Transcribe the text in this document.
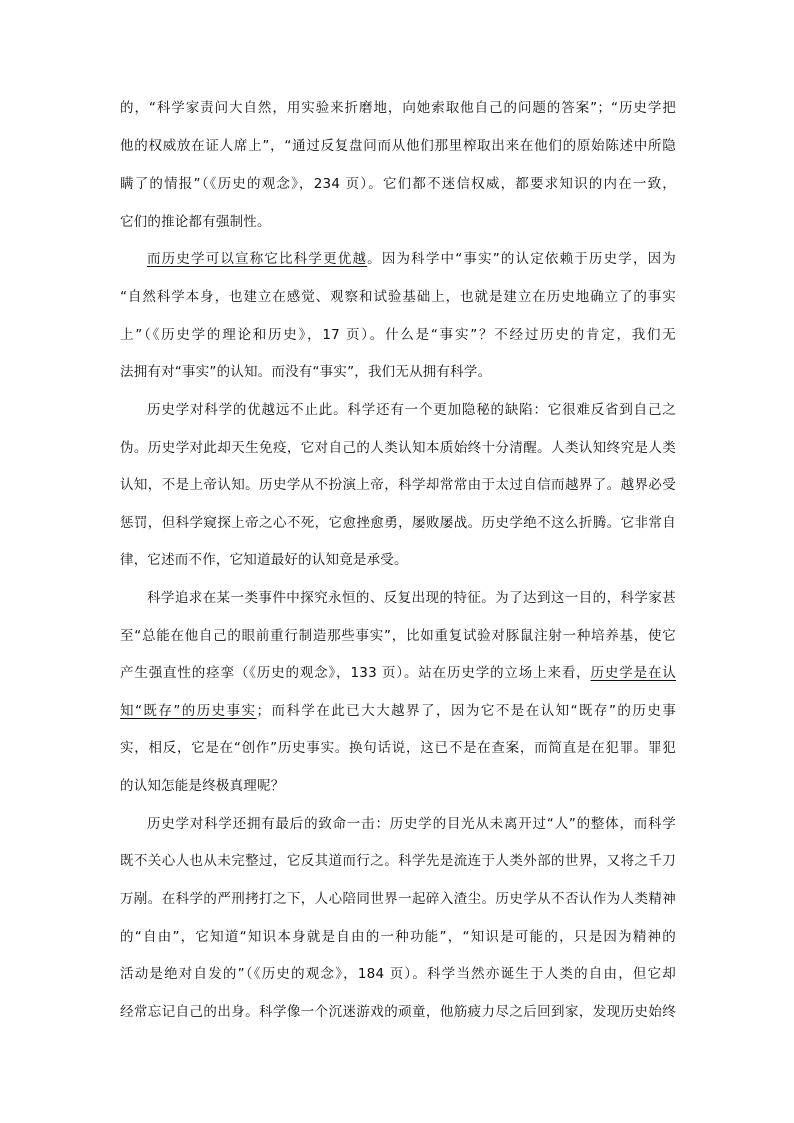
的，“科学家责问大自然，用实验来折磨地，向她索取他自己的问题的答案”；“历史学把
他的权威放在证人席上”，“通过反复盘问而从他们那里榨取出来在他们的原始陈述中所隐
瞒了的情报”（《历史的观念》，234 页）。它们都不迷信权威，都要求知识的内在一致，
它们的推论都有强制性。
而历史学可以宣称它比科学更优越。因为科学中“事实”的认定依赖于历史学，因为
“自然科学本身，也建立在感觉、观察和试验基础上，也就是建立在历史地确立了的事实
上”（《历史学的理论和历史》，17 页）。什么是“事实”？不经过历史的肯定，我们无
法拥有对“事实”的认知。而没有“事实”，我们无从拥有科学。
历史学对科学的优越远不止此。科学还有一个更加隐秘的缺陷：它很难反省到自己之
伪。历史学对此却天生免疫，它对自己的人类认知本质始终十分清醒。人类认知终究是人类
认知，不是上帝认知。历史学从不扮演上帝，科学却常常由于太过自信而越界了。越界必受
惩罚，但科学窥探上帝之心不死，它愈挫愈勇，屡败屡战。历史学绝不这么折腾。它非常自
律，它述而不作，它知道最好的认知竟是承受。
科学追求在某一类事件中探究永恒的、反复出现的特征。为了达到这一目的，科学家甚
至“总能在他自己的眼前重行制造那些事实”，比如重复试验对豚鼠注射一种培养基，使它
产生强直性的痉挛（《历史的观念》，133 页）。站在历史学的立场上来看，历史学是在认
知“既存”的历史事实；而科学在此已大大越界了，因为它不是在认知“既存”的历史事
实，相反，它是在“创作”历史事实。换句话说，这已不是在查案，而简直是在犯罪。罪犯
的认知怎能是终极真理呢？
历史学对科学还拥有最后的致命一击：历史学的目光从未离开过“人”的整体，而科学
既不关心人也从未完整过，它反其道而行之。科学先是流连于人类外部的世界，又将之千刀
万剐。在科学的严刑拷打之下，人心陪同世界一起碎入渣尘。历史学从不否认作为人类精神
的“自由”，它知道“知识本身就是自由的一种功能”，“知识是可能的，只是因为精神的
活动是绝对自发的”（《历史的观念》，184 页）。科学当然亦诞生于人类的自由，但它却
经常忘记自己的出身。科学像一个沉迷游戏的顽童，他筋疲力尽之后回到家，发现历史始终
